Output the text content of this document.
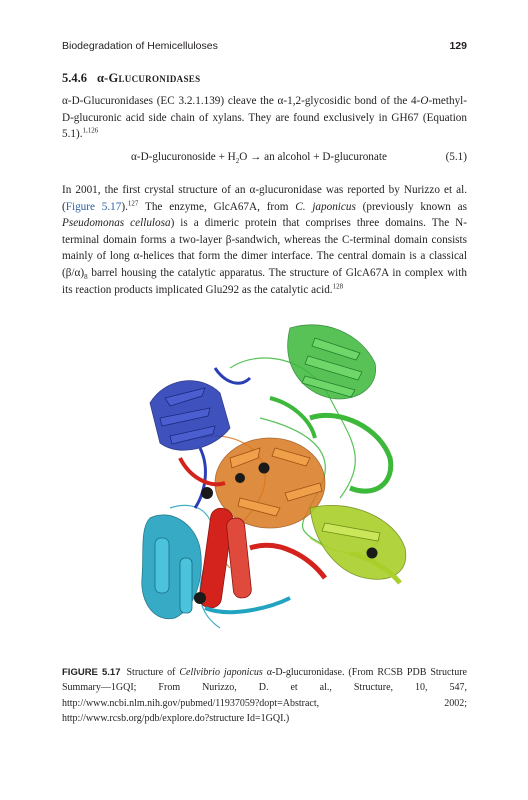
Biodegradation of Hemicelluloses	129
5.4.6 α-Glucuronidases
α-D-Glucuronidases (EC 3.2.1.139) cleave the α-1,2-glycosidic bond of the 4-O-methyl-D-glucuronic acid side chain of xylans. They are found exclusively in GH67 (Equation 5.1).$^{1,126}$
α-D-glucuronoside + $H_2O$ → an alcohol + D-glucuronate	(5.1)
In 2001, the first crystal structure of an α-glucuronidase was reported by Nurizzo et al. (Figure 5.17).$^{127}$ The enzyme, GlcA67A, from C. japonicus (previously known as Pseudomonas cellulosa) is a dimeric protein that comprises three domains. The N-terminal domain forms a two-layer β-sandwich, whereas the C-terminal domain consists mainly of long α-helices that form the dimer interface. The central domain is a classical $(\beta/\alpha)_8$ barrel housing the catalytic apparatus. The structure of GlcA67A in complex with its reaction products implicated Glu292 as the catalytic acid.$^{128}$
FIGURE 5.17 Structure of Cellvibrio japonicus α-D-glucuronidase. (From RCSB PDB Structure Summary—1GQI; From Nurizzo, D. et al., Structure, 10, 547, http://www.ncbi.nlm.nih.gov/pubmed/11937059?dopt=Abstract, 2002; http://www.rcsb.org/pdb/explore.do?structure Id=1GQI.)
